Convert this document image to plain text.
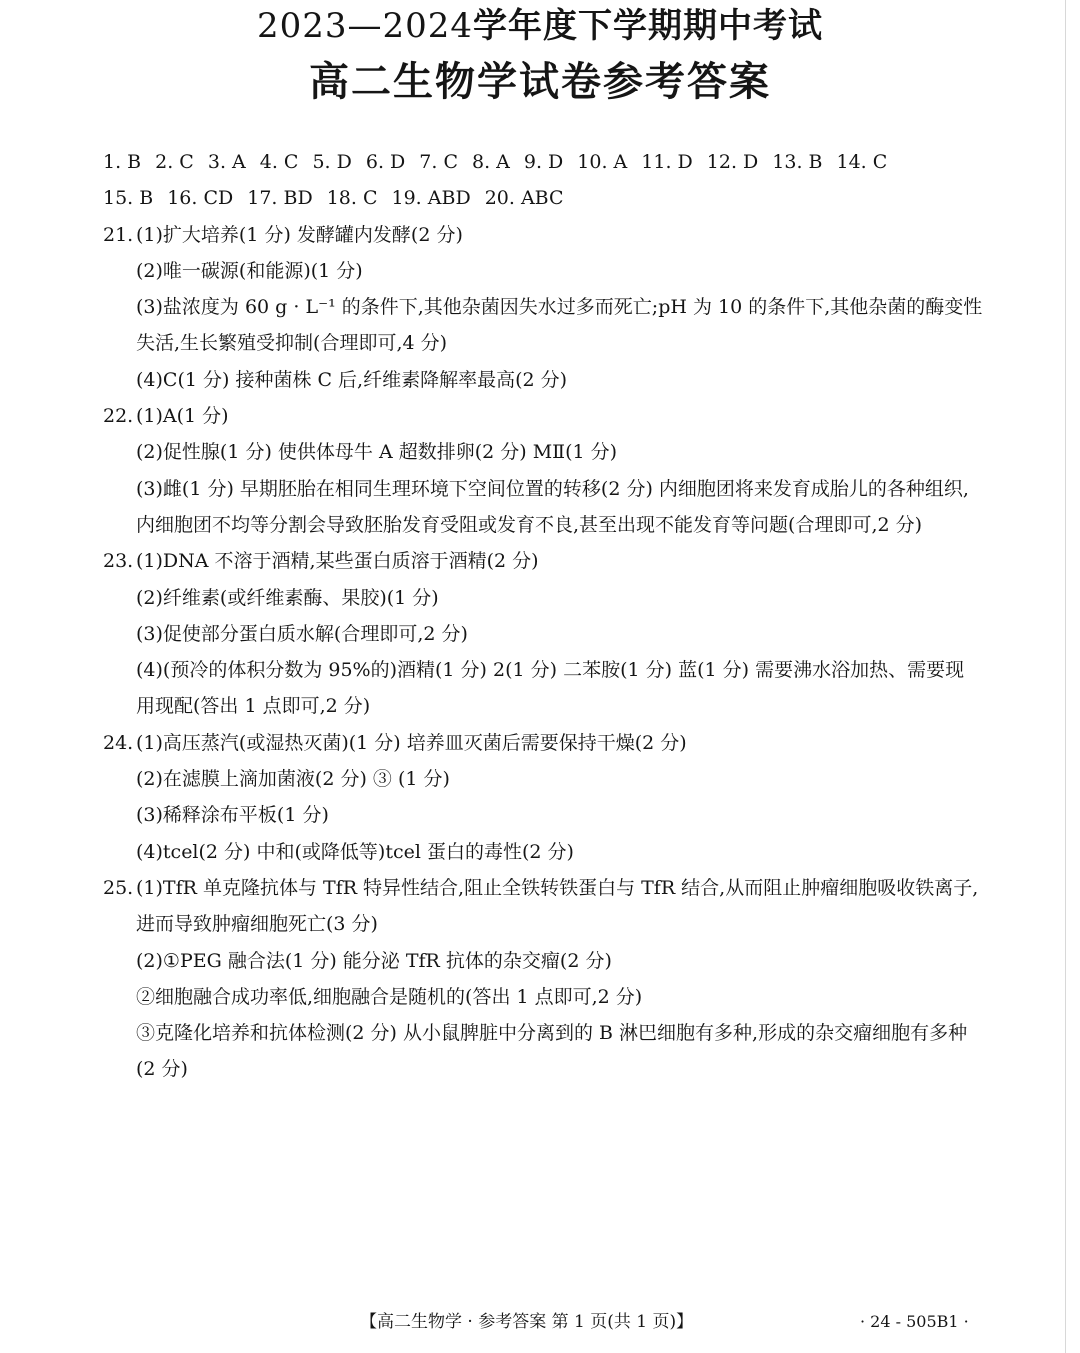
2023—2024学年度下学期期中考试
高二生物学试卷参考答案
1. B 2. C 3. A 4. C 5. D 6. D 7. C 8. A 9. D 10. A 11. D 12. D 13. B 14. C
15. B 16. CD 17. BD 18. C 19. ABD 20. ABC
21. (1)扩大培养(1 分) 发酵罐内发酵(2 分)
(2)唯一碳源(和能源)(1 分)
(3)盐浓度为 60 g · L⁻¹ 的条件下,其他杂菌因失水过多而死亡;pH 为 10 的条件下,其他杂菌的酶变性失活,生长繁殖受抑制(合理即可,4 分)
(4)C(1 分) 接种菌株 C 后,纤维素降解率最高(2 分)
22. (1)A(1 分)
(2)促性腺(1 分) 使供体母牛 A 超数排卵(2 分) MⅡ(1 分)
(3)雌(1 分) 早期胚胎在相同生理环境下空间位置的转移(2 分) 内细胞团将来发育成胎儿的各种组织,内细胞团不均等分割会导致胚胎发育受阻或发育不良,甚至出现不能发育等问题(合理即可,2 分)
23. (1)DNA 不溶于酒精,某些蛋白质溶于酒精(2 分)
(2)纤维素(或纤维素酶、果胶)(1 分)
(3)促使部分蛋白质水解(合理即可,2 分)
(4)(预冷的体积分数为 95%的)酒精(1 分) 2(1 分) 二苯胺(1 分) 蓝(1 分) 需要沸水浴加热、需要现用现配(答出 1 点即可,2 分)
24. (1)高压蒸汽(或湿热灭菌)(1 分) 培养皿灭菌后需要保持干燥(2 分)
(2)在滤膜上滴加菌液(2 分) ③ (1 分)
(3)稀释涂布平板(1 分)
(4)tcel(2 分) 中和(或降低等)tcel 蛋白的毒性(2 分)
25. (1)TfR 单克隆抗体与 TfR 特异性结合,阻止全铁转铁蛋白与 TfR 结合,从而阻止肿瘤细胞吸收铁离子,进而导致肿瘤细胞死亡(3 分)
(2)①PEG 融合法(1 分) 能分泌 TfR 抗体的杂交瘤(2 分)
②细胞融合成功率低,细胞融合是随机的(答出 1 点即可,2 分)
③克隆化培养和抗体检测(2 分) 从小鼠脾脏中分离到的 B 淋巴细胞有多种,形成的杂交瘤细胞有多种(2 分)
【高二生物学 · 参考答案 第 1 页(共 1 页)】	· 24 - 505B1 ·
